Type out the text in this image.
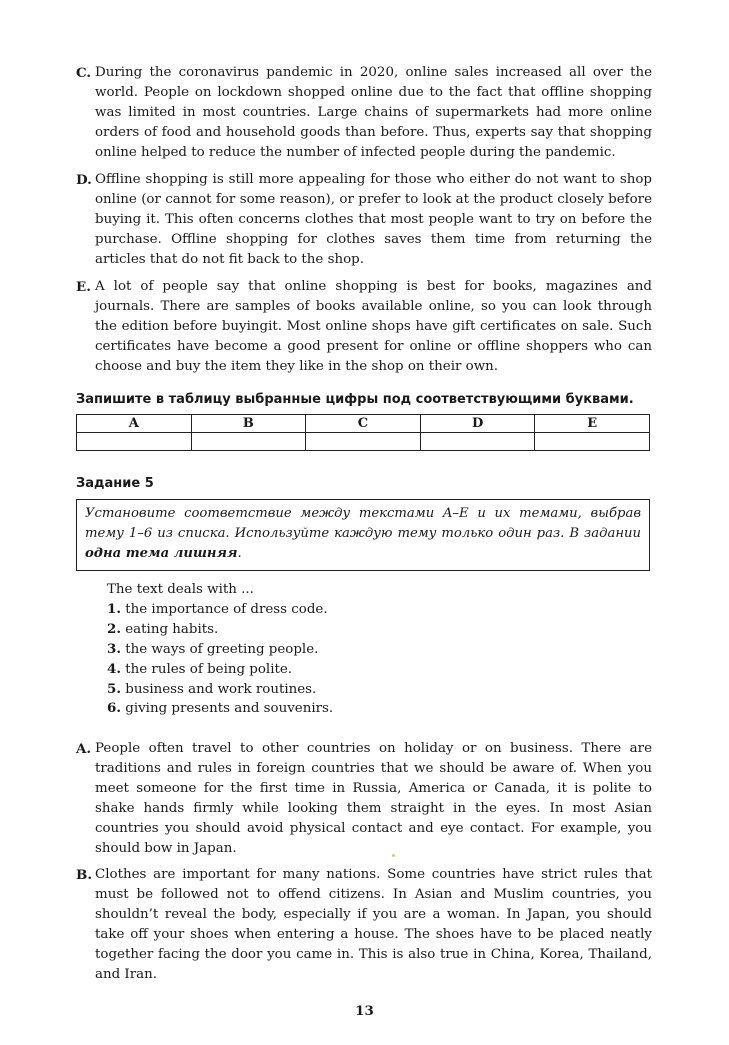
C. During the coronavirus pandemic in 2020, online sales increased all over the world. People on lockdown shopped online due to the fact that offline shopping was limited in most countries. Large chains of supermarkets had more online orders of food and household goods than before. Thus, experts say that shopping online helped to reduce the number of infected people during the pandemic.
D. Offline shopping is still more appealing for those who either do not want to shop online (or cannot for some reason), or prefer to look at the product closely before buying it. This often concerns clothes that most people want to try on before the purchase. Offline shopping for clothes saves them time from returning the articles that do not fit back to the shop.
E. A lot of people say that online shopping is best for books, magazines and journals. There are samples of books available online, so you can look through the edition before buyingit. Most online shops have gift certificates on sale. Such certificates have become a good present for online or offline shoppers who can choose and buy the item they like in the shop on their own.
Запишите в таблицу выбранные цифры под соответствующими буквами.
A	B	C	D	E

Задание 5
Установите соответствие между текстами A–E и их темами, выбрав тему 1–6 из списка. Используйте каждую тему только один раз. В задании одна тема лишняя.
The text deals with ...
1. the importance of dress code.
2. eating habits.
3. the ways of greeting people.
4. the rules of being polite.
5. business and work routines.
6. giving presents and souvenirs.
A. People often travel to other countries on holiday or on business. There are traditions and rules in foreign countries that we should be aware of. When you meet someone for the first time in Russia, America or Canada, it is polite to shake hands firmly while looking them straight in the eyes. In most Asian countries you should avoid physical contact and eye contact. For example, you should bow in Japan.
B. Clothes are important for many nations. Some countries have strict rules that must be followed not to offend citizens. In Asian and Muslim countries, you shouldn’t reveal the body, especially if you are a woman. In Japan, you should take off your shoes when entering a house. The shoes have to be placed neatly together facing the door you came in. This is also true in China, Korea, Thailand, and Iran.
13
